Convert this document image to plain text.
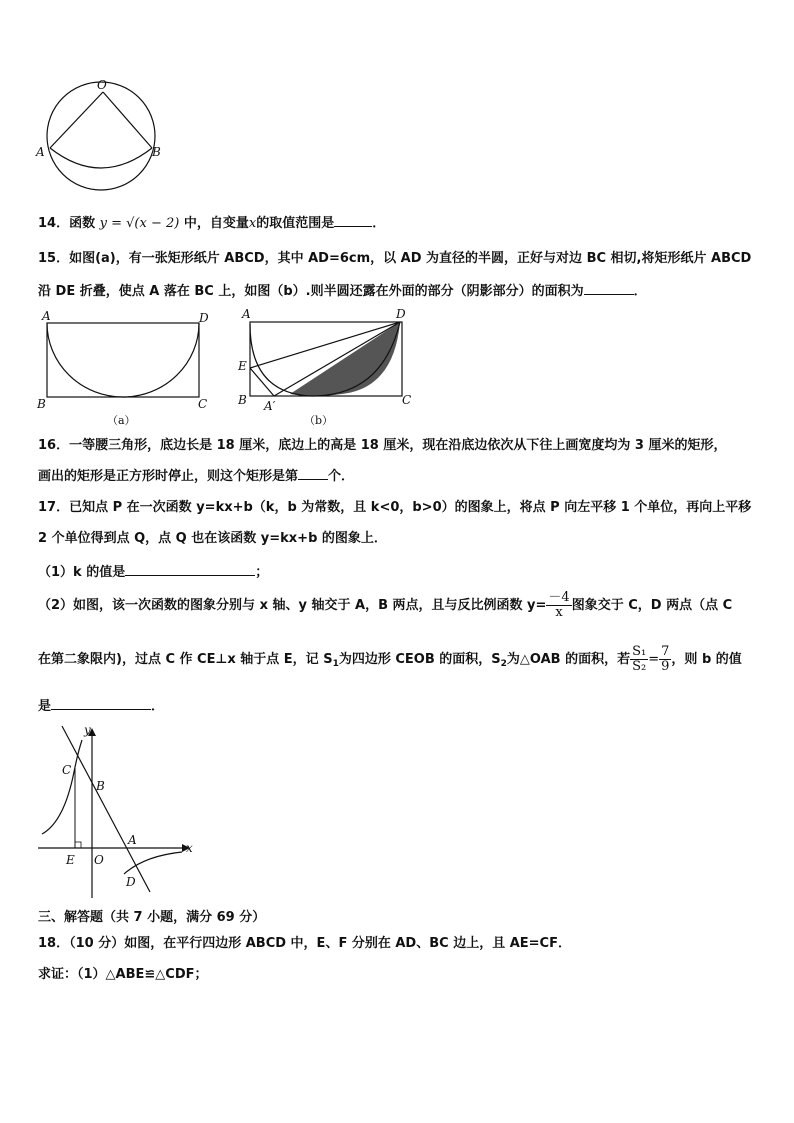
O
A	B
14．函数 y = √(x − 2) 中，自变量x的取值范围是	．
15．如图(a)，有一张矩形纸片 ABCD，其中 AD=6cm，以 AD 为直径的半圆，正好与对边 BC 相切,将矩形纸片 ABCD
沿 DE 折叠，使点 A 落在 BC 上，如图（b）.则半圆还露在外面的部分（阴影部分）的面积为	．
A	D
B	C
（a）
A	D
E
B A′	C
（b）
16．一等腰三角形，底边长是 18 厘米，底边上的高是 18 厘米，现在沿底边依次从下往上画宽度均为 3 厘米的矩形，
画出的矩形是正方形时停止，则这个矩形是第 个．
17．已知点 P 在一次函数 y=kx+b（k，b 为常数，且 k<0，b>0）的图象上，将点 P 向左平移 1 个单位，再向上平移
2 个单位得到点 Q，点 Q 也在该函数 y=kx+b 的图象上．
（1）k 的值是	；
（2）如图，该一次函数的图象分别与 x 轴、y 轴交于 A，B 两点，且与反比例函数 $y= \frac{-4}{x}$ 图象交于 C，D 两点（点 C
在第二象限内)，过点 C 作 CE⊥x 轴于点 E，记 $S_1$为四边形 CEOB 的面积，$S_2$为△OAB 的面积，若 $\frac{\text{S₁}}{\text{S₂}} = \frac{7}{9}$ ，则 b 的值
是	．
y
x
C
B
A
E O
D
三、解答题（共 7 小题，满分 69 分）
18．（10 分）如图，在平行四边形 ABCD 中，E、F 分别在 AD、BC 边上，且 AE=CF．
求证：（1）△ABE≌△CDF；
